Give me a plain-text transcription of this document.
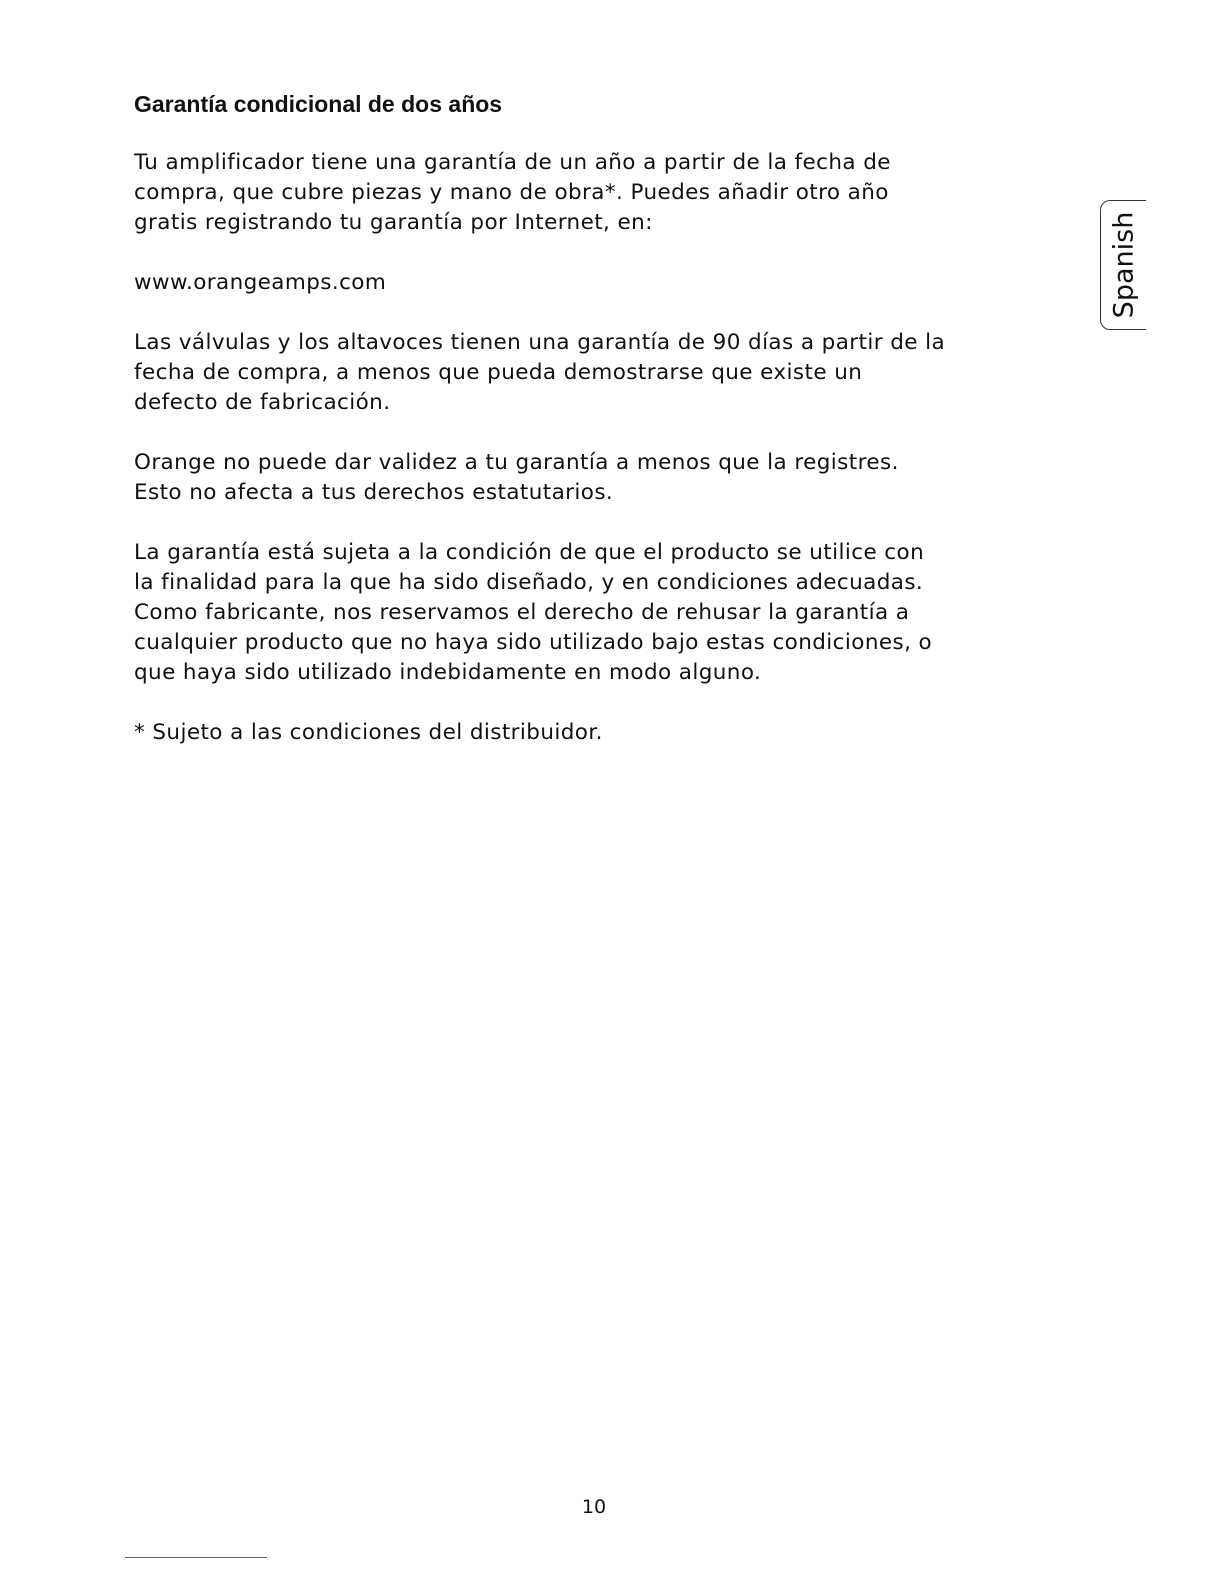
Garantía condicional de dos años

Tu amplificador tiene una garantía de un año a partir de la fecha de
compra, que cubre piezas y mano de obra*. Puedes añadir otro año
gratis registrando tu garantía por Internet, en:

www.orangeamps.com

Las válvulas y los altavoces tienen una garantía de 90 días a partir de la
fecha de compra, a menos que pueda demostrarse que existe un
defecto de fabricación.

Orange no puede dar validez a tu garantía a menos que la registres.
Esto no afecta a tus derechos estatutarios.

La garantía está sujeta a la condición de que el producto se utilice con
la finalidad para la que ha sido diseñado, y en condiciones adecuadas.
Como fabricante, nos reservamos el derecho de rehusar la garantía a
cualquier producto que no haya sido utilizado bajo estas condiciones, o
que haya sido utilizado indebidamente en modo alguno.

* Sujeto a las condiciones del distribuidor.

Spanish
10
